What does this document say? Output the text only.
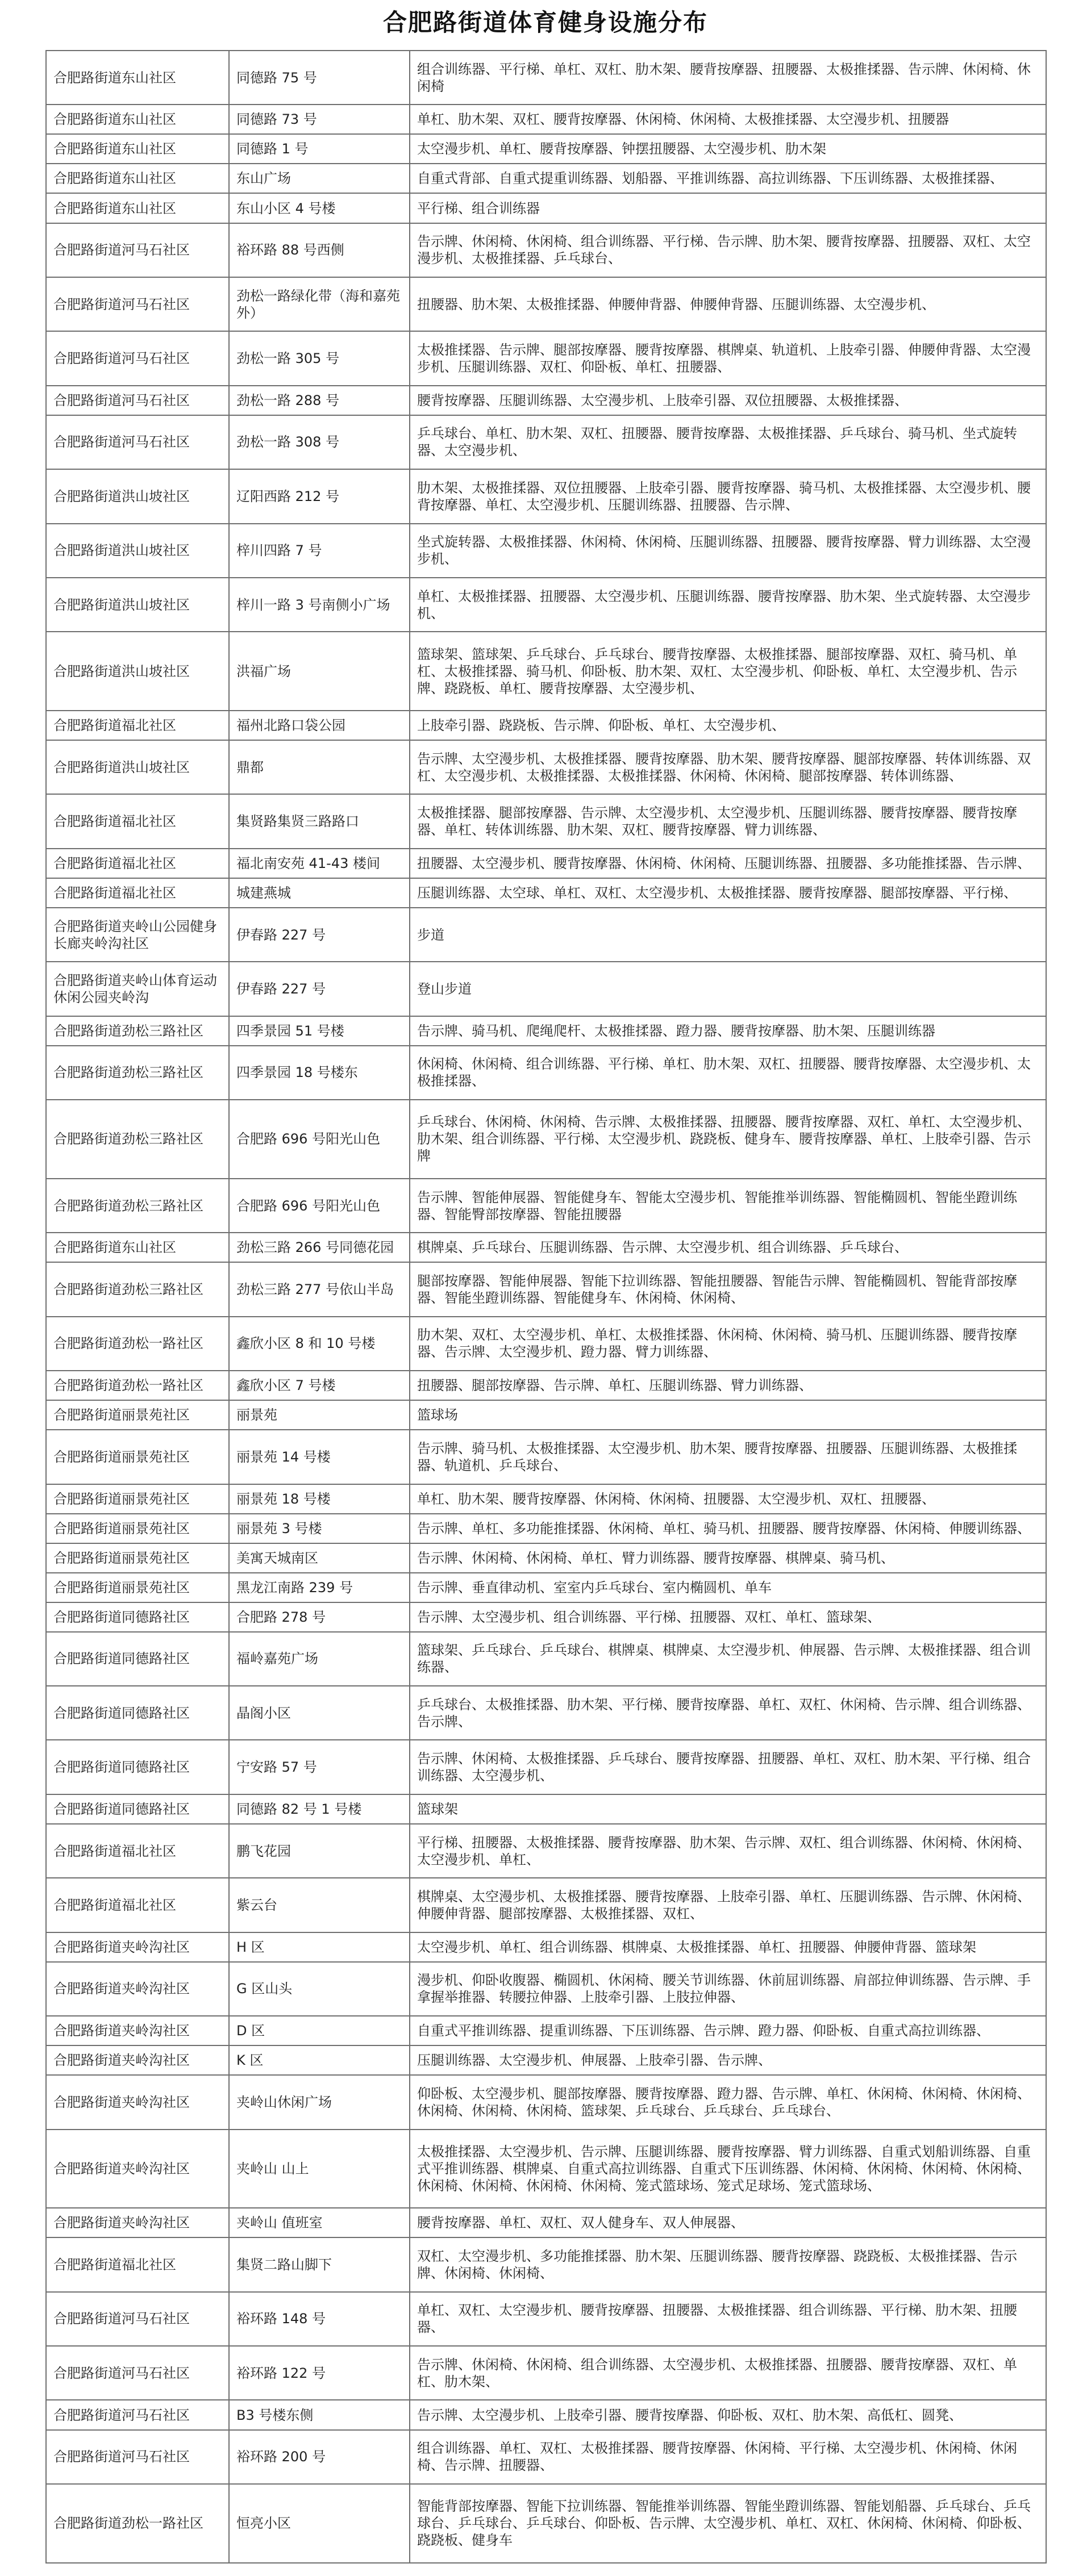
合肥路街道体育健身设施分布
合肥路街道东山社区	同德路 75 号	组合训练器、平行梯、单杠、双杠、肋木架、腰背按摩器、扭腰器、太极推揉器、告示牌、休闲椅、休闲椅
合肥路街道东山社区	同德路 73 号	单杠、肋木架、双杠、腰背按摩器、休闲椅、休闲椅、太极推揉器、太空漫步机、扭腰器
合肥路街道东山社区	同德路 1 号	太空漫步机、单杠、腰背按摩器、钟摆扭腰器、太空漫步机、肋木架
合肥路街道东山社区	东山广场	自重式背部、自重式提重训练器、划船器、平推训练器、高拉训练器、下压训练器、太极推揉器、
合肥路街道东山社区	东山小区 4 号楼	平行梯、组合训练器
合肥路街道河马石社区	裕环路 88 号西侧	告示牌、休闲椅、休闲椅、组合训练器、平行梯、告示牌、肋木架、腰背按摩器、扭腰器、双杠、太空漫步机、太极推揉器、乒乓球台、
合肥路街道河马石社区	劲松一路绿化带（海和嘉苑外）	扭腰器、肋木架、太极推揉器、伸腰伸背器、伸腰伸背器、压腿训练器、太空漫步机、
合肥路街道河马石社区	劲松一路 305 号	太极推揉器、告示牌、腿部按摩器、腰背按摩器、棋牌桌、轨道机、上肢牵引器、伸腰伸背器、太空漫步机、压腿训练器、双杠、仰卧板、单杠、扭腰器、
合肥路街道河马石社区	劲松一路 288 号	腰背按摩器、压腿训练器、太空漫步机、上肢牵引器、双位扭腰器、太极推揉器、
合肥路街道河马石社区	劲松一路 308 号	乒乓球台、单杠、肋木架、双杠、扭腰器、腰背按摩器、太极推揉器、乒乓球台、骑马机、坐式旋转器、太空漫步机、
合肥路街道洪山坡社区	辽阳西路 212 号	肋木架、太极推揉器、双位扭腰器、上肢牵引器、腰背按摩器、骑马机、太极推揉器、太空漫步机、腰背按摩器、单杠、太空漫步机、压腿训练器、扭腰器、告示牌、
合肥路街道洪山坡社区	梓川四路 7 号	坐式旋转器、太极推揉器、休闲椅、休闲椅、压腿训练器、扭腰器、腰背按摩器、臂力训练器、太空漫步机、
合肥路街道洪山坡社区	梓川一路 3 号南侧小广场	单杠、太极推揉器、扭腰器、太空漫步机、压腿训练器、腰背按摩器、肋木架、坐式旋转器、太空漫步机、
合肥路街道洪山坡社区	洪福广场	篮球架、篮球架、乒乓球台、乒乓球台、腰背按摩器、太极推揉器、腿部按摩器、双杠、骑马机、单杠、太极推揉器、骑马机、仰卧板、肋木架、双杠、太空漫步机、仰卧板、单杠、太空漫步机、告示牌、跷跷板、单杠、腰背按摩器、太空漫步机、
合肥路街道福北社区	福州北路口袋公园	上肢牵引器、跷跷板、告示牌、仰卧板、单杠、太空漫步机、
合肥路街道洪山坡社区	鼎都	告示牌、太空漫步机、太极推揉器、腰背按摩器、肋木架、腰背按摩器、腿部按摩器、转体训练器、双杠、太空漫步机、太极推揉器、太极推揉器、休闲椅、休闲椅、腿部按摩器、转体训练器、
合肥路街道福北社区	集贤路集贤三路路口	太极推揉器、腿部按摩器、告示牌、太空漫步机、太空漫步机、压腿训练器、腰背按摩器、腰背按摩器、单杠、转体训练器、肋木架、双杠、腰背按摩器、臂力训练器、
合肥路街道福北社区	福北南安苑 41-43 楼间	扭腰器、太空漫步机、腰背按摩器、休闲椅、休闲椅、压腿训练器、扭腰器、多功能推揉器、告示牌、
合肥路街道福北社区	城建燕城	压腿训练器、太空球、单杠、双杠、太空漫步机、太极推揉器、腰背按摩器、腿部按摩器、平行梯、
合肥路街道夹岭山公园健身长廊夹岭沟社区	伊春路 227 号	步道
合肥路街道夹岭山体育运动休闲公园夹岭沟	伊春路 227 号	登山步道
合肥路街道劲松三路社区	四季景园 51 号楼	告示牌、骑马机、爬绳爬杆、太极推揉器、蹬力器、腰背按摩器、肋木架、压腿训练器
合肥路街道劲松三路社区	四季景园 18 号楼东	休闲椅、休闲椅、组合训练器、平行梯、单杠、肋木架、双杠、扭腰器、腰背按摩器、太空漫步机、太极推揉器、
合肥路街道劲松三路社区	合肥路 696 号阳光山色	乒乓球台、休闲椅、休闲椅、告示牌、太极推揉器、扭腰器、腰背按摩器、双杠、单杠、太空漫步机、肋木架、组合训练器、平行梯、太空漫步机、跷跷板、健身车、腰背按摩器、单杠、上肢牵引器、告示牌
合肥路街道劲松三路社区	合肥路 696 号阳光山色	告示牌、智能伸展器、智能健身车、智能太空漫步机、智能推举训练器、智能椭圆机、智能坐蹬训练器、智能臀部按摩器、智能扭腰器
合肥路街道东山社区	劲松三路 266 号同德花园	棋牌桌、乒乓球台、压腿训练器、告示牌、太空漫步机、组合训练器、乒乓球台、
合肥路街道劲松三路社区	劲松三路 277 号依山半岛	腿部按摩器、智能伸展器、智能下拉训练器、智能扭腰器、智能告示牌、智能椭圆机、智能背部按摩器、智能坐蹬训练器、智能健身车、休闲椅、休闲椅、
合肥路街道劲松一路社区	鑫欣小区 8 和 10 号楼	肋木架、双杠、太空漫步机、单杠、太极推揉器、休闲椅、休闲椅、骑马机、压腿训练器、腰背按摩器、告示牌、太空漫步机、蹬力器、臂力训练器、
合肥路街道劲松一路社区	鑫欣小区 7 号楼	扭腰器、腿部按摩器、告示牌、单杠、压腿训练器、臂力训练器、
合肥路街道丽景苑社区	丽景苑	篮球场
合肥路街道丽景苑社区	丽景苑 14 号楼	告示牌、骑马机、太极推揉器、太空漫步机、肋木架、腰背按摩器、扭腰器、压腿训练器、太极推揉器、轨道机、乒乓球台、
合肥路街道丽景苑社区	丽景苑 18 号楼	单杠、肋木架、腰背按摩器、休闲椅、休闲椅、扭腰器、太空漫步机、双杠、扭腰器、
合肥路街道丽景苑社区	丽景苑 3 号楼	告示牌、单杠、多功能推揉器、休闲椅、单杠、骑马机、扭腰器、腰背按摩器、休闲椅、伸腰训练器、
合肥路街道丽景苑社区	美寓天城南区	告示牌、休闲椅、休闲椅、单杠、臂力训练器、腰背按摩器、棋牌桌、骑马机、
合肥路街道丽景苑社区	黑龙江南路 239 号	告示牌、垂直律动机、室室内乒乓球台、室内椭圆机、单车
合肥路街道同德路社区	合肥路 278 号	告示牌、太空漫步机、组合训练器、平行梯、扭腰器、双杠、单杠、篮球架、
合肥路街道同德路社区	福岭嘉苑广场	篮球架、乒乓球台、乒乓球台、棋牌桌、棋牌桌、太空漫步机、伸展器、告示牌、太极推揉器、组合训练器、
合肥路街道同德路社区	晶阁小区	乒乓球台、太极推揉器、肋木架、平行梯、腰背按摩器、单杠、双杠、休闲椅、告示牌、组合训练器、告示牌、
合肥路街道同德路社区	宁安路 57 号	告示牌、休闲椅、太极推揉器、乒乓球台、腰背按摩器、扭腰器、单杠、双杠、肋木架、平行梯、组合训练器、太空漫步机、
合肥路街道同德路社区	同德路 82 号 1 号楼	篮球架
合肥路街道福北社区	鹏飞花园	平行梯、扭腰器、太极推揉器、腰背按摩器、肋木架、告示牌、双杠、组合训练器、休闲椅、休闲椅、太空漫步机、单杠、
合肥路街道福北社区	紫云台	棋牌桌、太空漫步机、太极推揉器、腰背按摩器、上肢牵引器、单杠、压腿训练器、告示牌、休闲椅、伸腰伸背器、腿部按摩器、太极推揉器、双杠、
合肥路街道夹岭沟社区	H 区	太空漫步机、单杠、组合训练器、棋牌桌、太极推揉器、单杠、扭腰器、伸腰伸背器、篮球架
合肥路街道夹岭沟社区	G 区山头	漫步机、仰卧收腹器、椭圆机、休闲椅、腰关节训练器、休前屈训练器、肩部拉伸训练器、告示牌、手拿握举推器、转腰拉伸器、上肢牵引器、上肢拉伸器、
合肥路街道夹岭沟社区	D 区	自重式平推训练器、提重训练器、下压训练器、告示牌、蹬力器、仰卧板、自重式高拉训练器、
合肥路街道夹岭沟社区	K 区	压腿训练器、太空漫步机、伸展器、上肢牵引器、告示牌、
合肥路街道夹岭沟社区	夹岭山休闲广场	仰卧板、太空漫步机、腿部按摩器、腰背按摩器、蹬力器、告示牌、单杠、休闲椅、休闲椅、休闲椅、休闲椅、休闲椅、休闲椅、篮球架、乒乓球台、乒乓球台、乒乓球台、
合肥路街道夹岭沟社区	夹岭山 山上	太极推揉器、太空漫步机、告示牌、压腿训练器、腰背按摩器、臂力训练器、自重式划船训练器、自重式平推训练器、棋牌桌、自重式高拉训练器、自重式下压训练器、休闲椅、休闲椅、休闲椅、休闲椅、休闲椅、休闲椅、休闲椅、休闲椅、笼式篮球场、笼式足球场、笼式篮球场、
合肥路街道夹岭沟社区	夹岭山 值班室	腰背按摩器、单杠、双杠、双人健身车、双人伸展器、
合肥路街道福北社区	集贤二路山脚下	双杠、太空漫步机、多功能推揉器、肋木架、压腿训练器、腰背按摩器、跷跷板、太极推揉器、告示牌、休闲椅、休闲椅、
合肥路街道河马石社区	裕环路 148 号	单杠、双杠、太空漫步机、腰背按摩器、扭腰器、太极推揉器、组合训练器、平行梯、肋木架、扭腰器、
合肥路街道河马石社区	裕环路 122 号	告示牌、休闲椅、休闲椅、组合训练器、太空漫步机、太极推揉器、扭腰器、腰背按摩器、双杠、单杠、肋木架、
合肥路街道河马石社区	B3 号楼东侧	告示牌、太空漫步机、上肢牵引器、腰背按摩器、仰卧板、双杠、肋木架、高低杠、圆凳、
合肥路街道河马石社区	裕环路 200 号	组合训练器、单杠、双杠、太极推揉器、腰背按摩器、休闲椅、平行梯、太空漫步机、休闲椅、休闲椅、告示牌、扭腰器、
合肥路街道劲松一路社区	恒亮小区	智能背部按摩器、智能下拉训练器、智能推举训练器、智能坐蹬训练器、智能划船器、乒乓球台、乒乓球台、乒乓球台、乒乓球台、仰卧板、告示牌、太空漫步机、单杠、双杠、休闲椅、休闲椅、仰卧板、跷跷板、健身车
